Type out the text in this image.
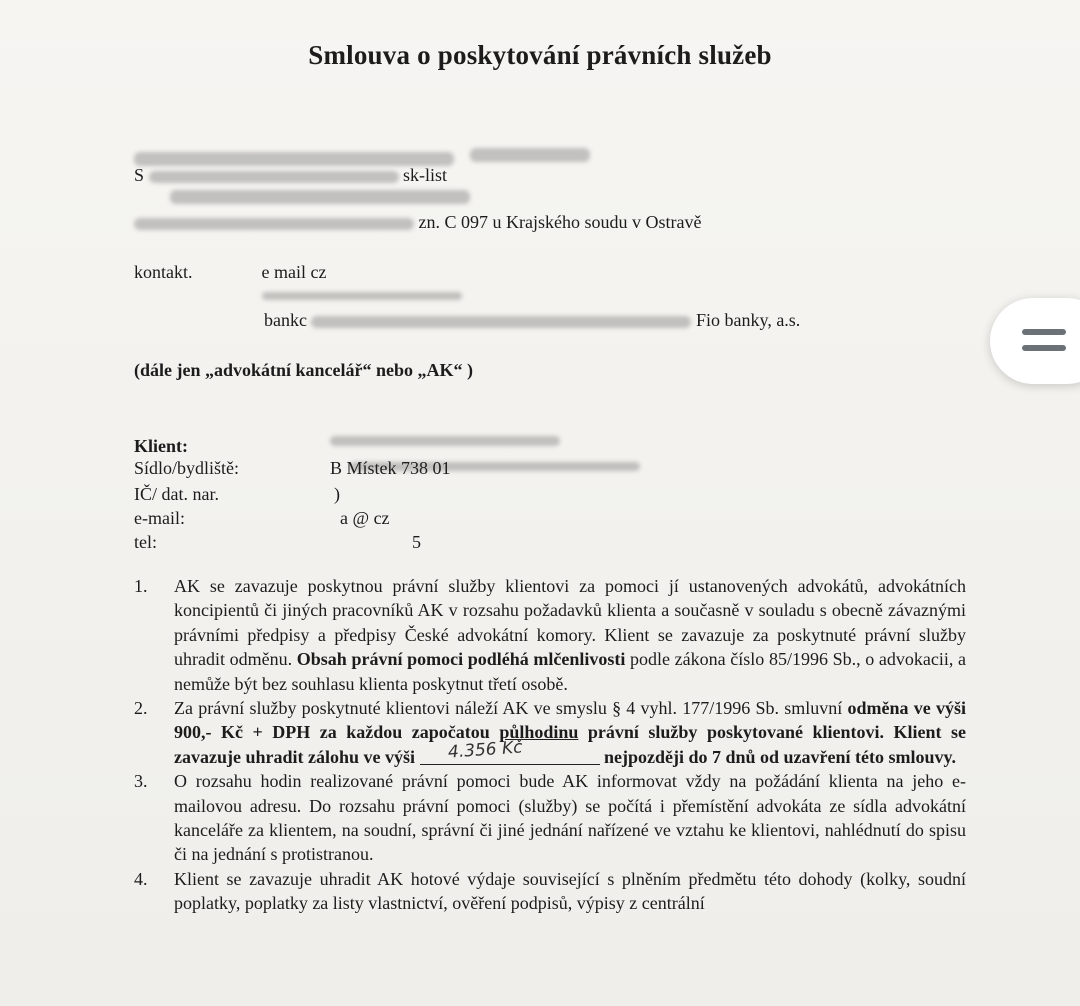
Smlouva o poskytování právních služeb
S	sk-list
zn. C 097 u Krajského soudu v Ostravě
kontakt.	e mail cz
bankc	Fio banky, a.s.
(dále jen „advokátní kancelář“ nebo „AK“ )
Klient:
Sídlo/bydliště:	B Místek 738 01
IČ/ dat. nar.	)
e-mail:	a @ cz
tel:	5
1. AK se zavazuje poskytnou právní služby klientovi za pomoci jí ustanovených advokátů, advokátních koncipientů či jiných pracovníků AK v rozsahu požadavků klienta a současně v souladu s obecně závaznými právními předpisy a předpisy České advokátní komory. Klient se zavazuje za poskytnuté právní služby uhradit odměnu. Obsah právní pomoci podléhá mlčenlivosti podle zákona číslo 85/1996 Sb., o advokacii, a nemůže být bez souhlasu klienta poskytnut třetí osobě.
2. Za právní služby poskytnuté klientovi náleží AK ve smyslu § 4 vyhl. 177/1996 Sb. smluvní odměna ve výši 900,- Kč + DPH za každou započatou půlhodinu právní služby poskytované klientovi. Klient se zavazuje uhradit zálohu ve výši 4.356 Kč	nejpozději do 7 dnů od uzavření této smlouvy.
3. O rozsahu hodin realizované právní pomoci bude AK informovat vždy na požádání klienta na jeho e-mailovou adresu. Do rozsahu právní pomoci (služby) se počítá i přemístění advokáta ze sídla advokátní kanceláře za klientem, na soudní, správní či jiné jednání nařízené ve vztahu ke klientovi, nahlédnutí do spisu či na jednání s protistranou.
4. Klient se zavazuje uhradit AK hotové výdaje související s plněním předmětu této dohody (kolky, soudní poplatky, poplatky za listy vlastnictví, ověření podpisů, výpisy z centrální
